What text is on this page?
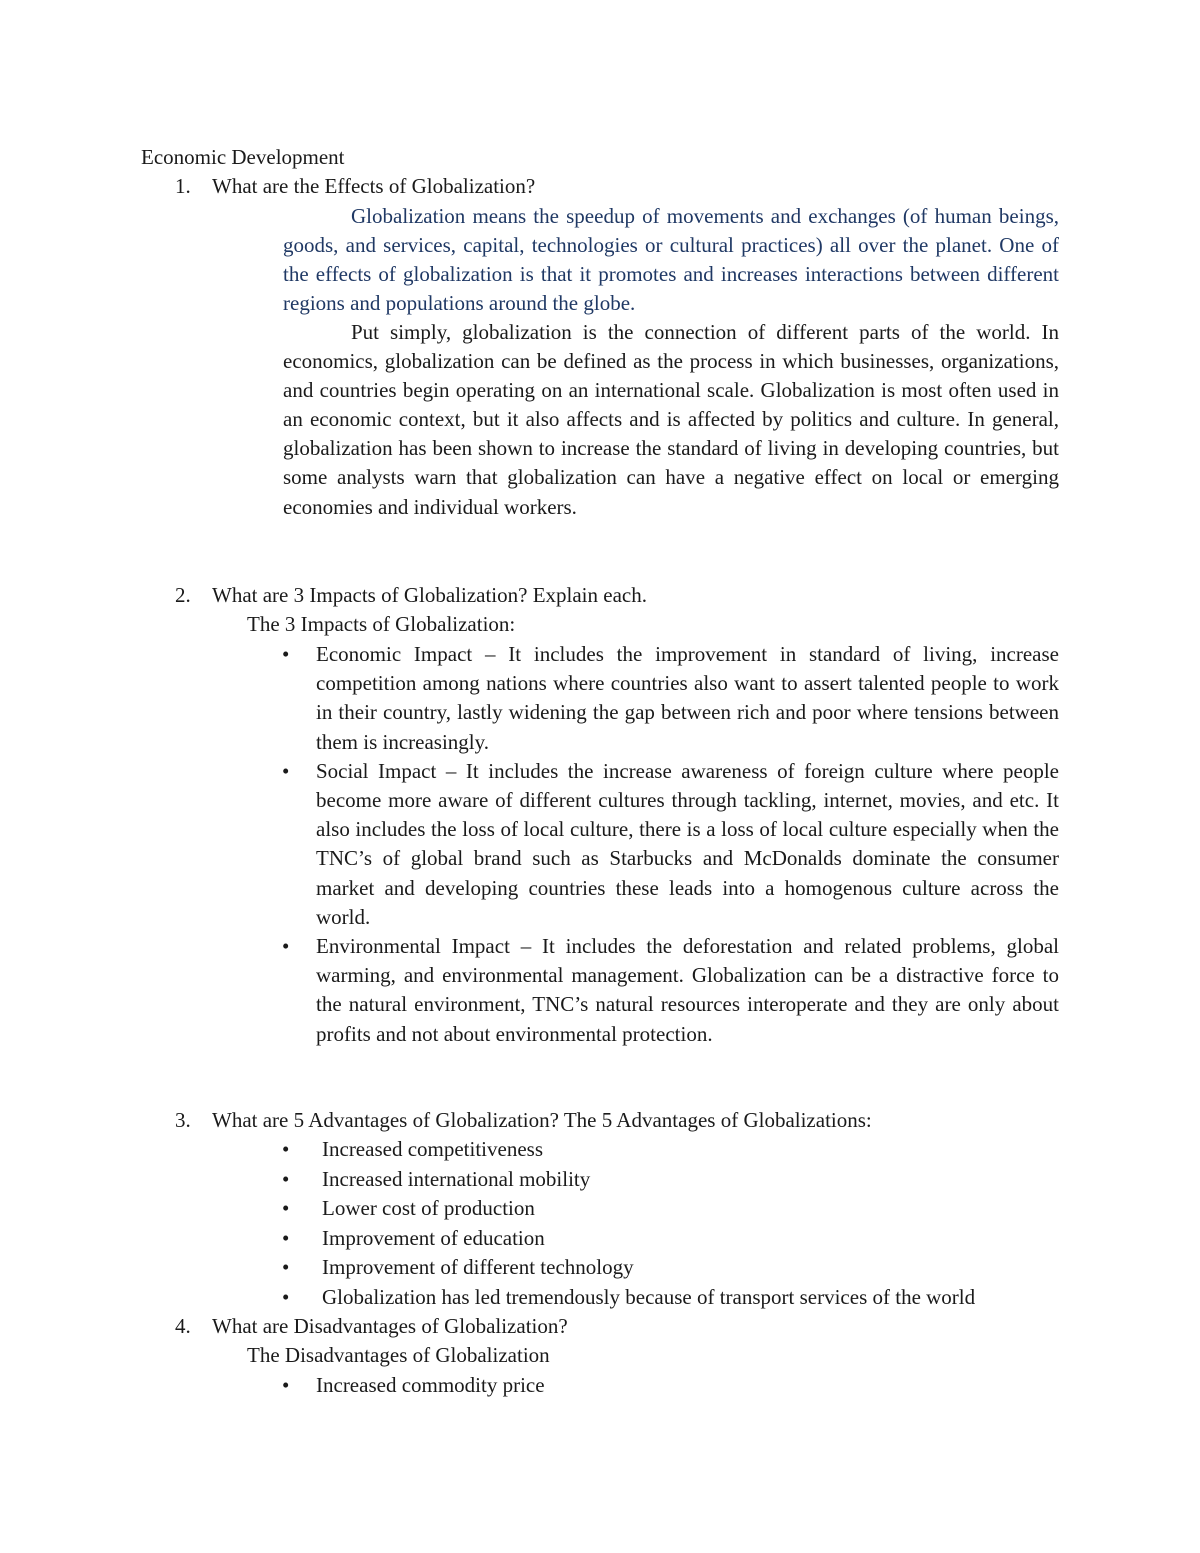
Economic Development
1. What are the Effects of Globalization?

Globalization means the speedup of movements and exchanges (of human beings, goods, and services, capital, technologies or cultural practices) all over the planet. One of the effects of globalization is that it promotes and increases interactions between different regions and populations around the globe.

Put simply, globalization is the connection of different parts of the world. In economics, globalization can be defined as the process in which businesses, organizations, and countries begin operating on an international scale. Globalization is most often used in an economic context, but it also affects and is affected by politics and culture. In general, globalization has been shown to increase the standard of living in developing countries, but some analysts warn that globalization can have a negative effect on local or emerging economies and individual workers.

2. What are 3 Impacts of Globalization? Explain each.
The 3 Impacts of Globalization:
• Economic Impact – It includes the improvement in standard of living, increase competition among nations where countries also want to assert talented people to work in their country, lastly widening the gap between rich and poor where tensions between them is increasingly.
• Social Impact – It includes the increase awareness of foreign culture where people become more aware of different cultures through tackling, internet, movies, and etc. It also includes the loss of local culture, there is a loss of local culture especially when the TNC’s of global brand such as Starbucks and McDonalds dominate the consumer market and developing countries these leads into a homogenous culture across the world.
• Environmental Impact – It includes the deforestation and related problems, global warming, and environmental management. Globalization can be a distractive force to the natural environment, TNC’s natural resources interoperate and they are only about profits and not about environmental protection.
3. What are 5 Advantages of Globalization? The 5 Advantages of Globalizations:
• Increased competitiveness
• Increased international mobility
• Lower cost of production
• Improvement of education
• Improvement of different technology
• Globalization has led tremendously because of transport services of the world
4. What are Disadvantages of Globalization?
The Disadvantages of Globalization
• Increased commodity price
